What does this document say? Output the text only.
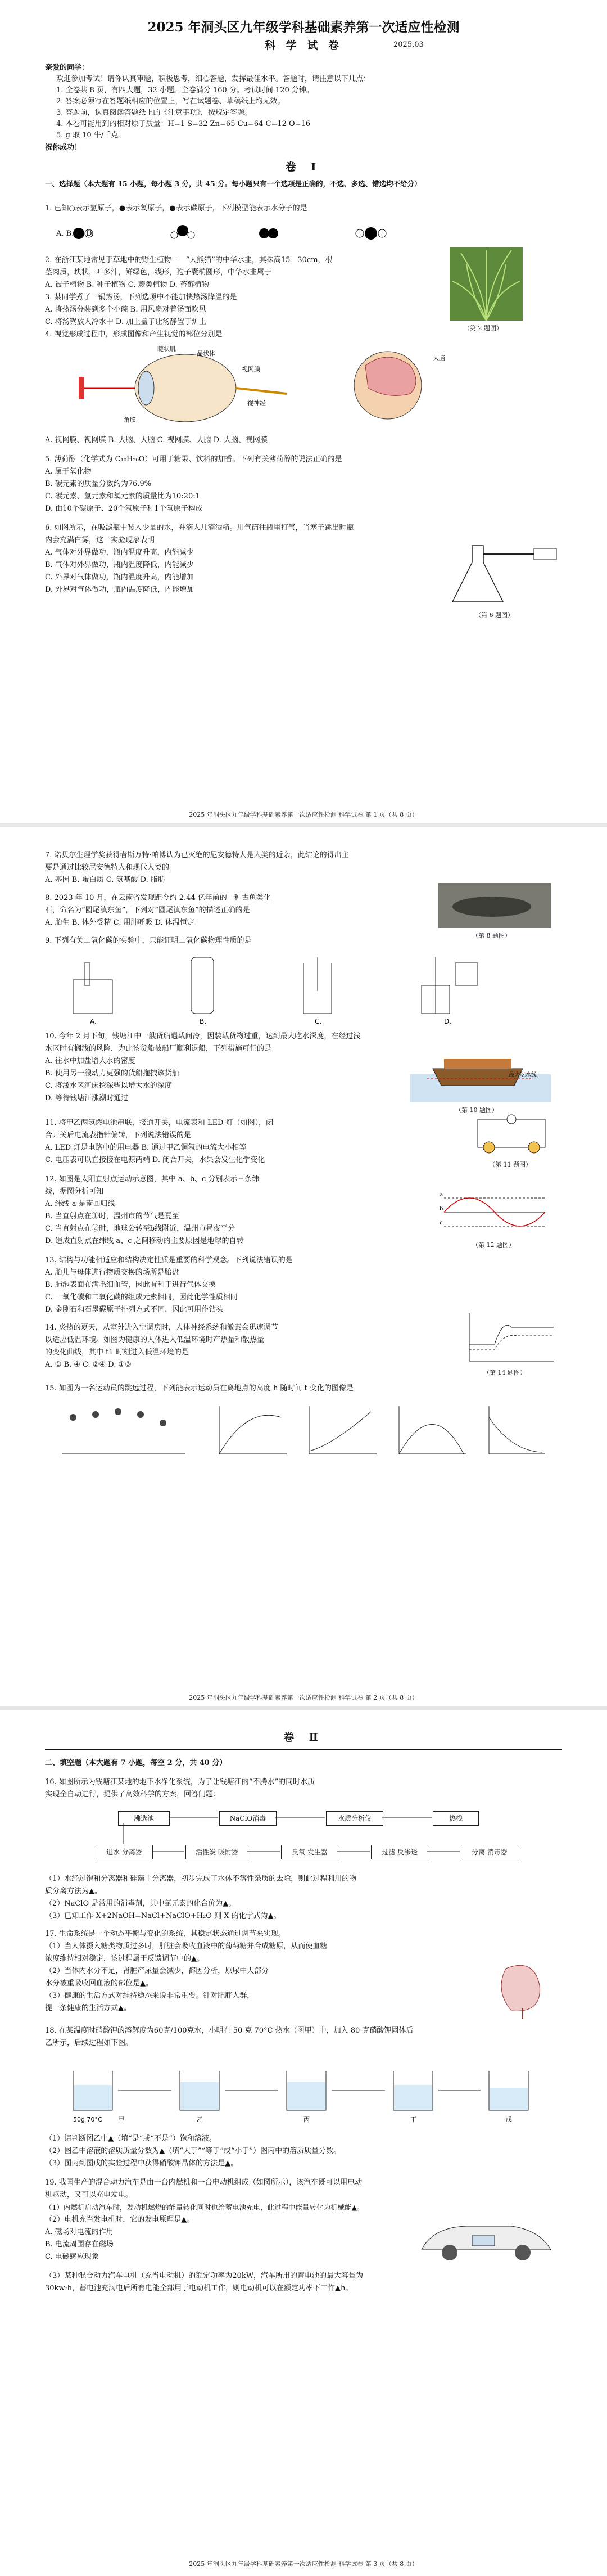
2025 年洞头区九年级学科基础素养第一次适应性检测
科 学 试 卷	2025.03
亲爱的同学：
欢迎参加考试！请你认真审题，积极思考，细心答题，发挥最佳水平。答题时，请注意以下几点：
1. 全卷共 8 页，有四大题，32 小题。全卷满分 160 分。考试时间 120 分钟。
2. 答案必须写在答题纸相应的位置上，写在试题卷、草稿纸上均无效。
3. 答题前，认真阅读答题纸上的《注意事项》，按规定答题。
4. 本卷可能用到的相对原子质量：H=1 S=32 Zn=65 Cu=64 C=12 O=16
5. g 取 10 牛/千克。
祝你成功！
卷 Ⅰ
一、选择题（本大题有 15 小题，每小题 3 分，共 45 分。每小题只有一个选项是正确的，不选、多选、错选均不给分）
1. 已知○表示氢原子，●表示氧原子，●表示碳原子，下列模型能表示水分子的是
A. B. C. D.
2. 在浙江某地常见于草地中的野生植物——“大熊猫”的中华水韭，其株高15—30cm，根
茎肉质，块状，叶多汁，鲜绿色，线形，孢子囊椭圆形，中华水韭属于
A. 被子植物 B. 种子植物 C. 蕨类植物 D. 苔藓植物
3. 某同学煮了一锅热汤，下列选项中不能加快热汤降温的是
A. 将热汤分装到多个小碗 B. 用风扇对着汤面吹风
C. 将汤锅放入冷水中 D. 加上盖子让汤静置于炉上
（第 2 题图）
4. 视觉形成过程中，形成图像和产生视觉的部位分别是
睫状肌
晶状体
视网膜
视神经
角膜
大脑
A. 视网膜、视网膜 B. 大脑、大脑 C. 视网膜、大脑 D. 大脑、视网膜
5. 薄荷醇（化学式为 C₁₀H₂₀O）可用于糖果、饮料的加香。下列有关薄荷醇的说法正确的是
A. 属于氧化物
B. 碳元素的质量分数约为76.9%
C. 碳元素、氢元素和氧元素的质量比为10:20:1
D. 由10个碳原子、20个氢原子和1个氧原子构成
6. 如图所示，在吸滤瓶中装入少量的水，并滴入几滴酒精。用气筒往瓶里打气，当塞子跳出时瓶
内会充满白雾，这一实验现象表明
A. 气体对外界做功，瓶内温度升高，内能减少
B. 气体对外界做功，瓶内温度降低，内能减少
C. 外界对气体做功，瓶内温度升高，内能增加
D. 外界对气体做功，瓶内温度降低，内能增加
（第 6 题图）
2025 年洞头区九年级学科基础素养第一次适应性检测 科学试卷 第 1 页（共 8 页）
7. 诺贝尔生理学奖获得者斯万特·帕博认为已灭绝的尼安德特人是人类的近亲，此结论的得出主
要是通过比较尼安德特人和现代人类的
A. 基因 B. 蛋白质 C. 氨基酸 D. 脂肪
8. 2023 年 10 月，在云南省发现距今约 2.44 亿年前的一种古鱼类化
石，命名为“圆尾滇东鱼”，下列对“圆尾滇东鱼”的描述正确的是
A. 胎生 B. 体外受精 C. 用肺呼吸 D. 体温恒定
（第 8 题图）
9. 下列有关二氧化碳的实验中，只能证明二氧化碳物理性质的是
A.	B.	C.	D.
10. 今年 2 月下旬，钱塘江中一艘货船遇载问冷，因装载货物过重，达到最大吃水深度，在经过浅
水区时有搁浅的风险，为此该货船被船厂顺利退船，下列措施可行的是
A. 往水中加盐增大水的密度
B. 使用另一艘动力更强的货船拖拽该货船
C. 将浅水区河床挖深些以增大水的深度
D. 等待钱塘江涨潮时通过
最大吃水线
（第 10 题图）
11. 将甲乙两氢燃电池串联，接通开关，电流表和 LED 灯（如图），闭
合开关后电流表指针偏转，下列说法错误的是
A. LED 灯是电路中的用电器 B. 通过甲乙铜氢的电流大小相等
C. 电压表可以直接接在电源两端 D. 闭合开关，水果会发生化学变化
（第 11 题图）
12. 如图是太阳直射点运动示意图，其中 a、b、c 分别表示三条纬
线，据图分析可知
A. 纬线 a 是南回归线
B. 当直射点在①时，温州市的节气是夏至
C. 当直射点在②时，地球公转至b线附近，温州市昼夜平分
D. 造成直射点在纬线 a、c 之间移动的主要原因是地球的自转
a
b
c
（第 12 题图）
13. 结构与功能相适应和结构决定性质是重要的科学观念。下列说法错误的是
A. 胎儿与母体进行物质交换的场所是胎盘
B. 肺泡表面布满毛细血管，因此有利于进行气体交换
C. 一氧化碳和二氧化碳的组成元素相同，因此化学性质相同
D. 金刚石和石墨碳原子排列方式不同，因此可用作钻头
14. 炎热的夏天，从室外进入空调房时，人体神经系统和激素会迅速调节
以适应低温环境。如图为健康的人体进入低温环境时产热量和散热量
的变化曲线，其中 t1 时刻进入低温环境的是
A. ① B. ④ C. ②④ D. ①③
（第 14 题图）
15. 如图为一名运动员的跳远过程，下列能表示运动员在离地点的高度 h 随时间 t 变化的图像是
2025 年洞头区九年级学科基础素养第一次适应性检测 科学试卷 第 2 页（共 8 页）
卷 Ⅱ
二、填空题（本大题有 7 小题，每空 2 分，共 40 分）
16. 如图所示为钱塘江某地的地下水净化系统，为了让钱塘江的“不腾水”的同时水质
实现全自动进行，提供了高效科学的方案，回答问题：
沸选池	NaClO消毒	水质分析仪	热栈
进水 分离器	活性炭 吸附器	臭氧 发生器	过滤 反渗透	分离 消毒器
（1）水经过饱和分离器和硅藻土分离器，初步完成了水体不溶性杂质的去除，则此过程利用的物
质分离方法为▲。
（2）NaClO 是常用的消毒剂，其中氯元素的化合价为▲。
（3）已知工作 X+2NaOH=NaCl+NaClO+H₂O 则 X 的化学式为▲。
17. 生命系统是一个动态平衡与变化的系统，其稳定状态通过调节来实现。
（1）当人体摄入糖类物质过多时，肝脏会吸收血液中的葡萄糖并合成糖原，从而使血糖
浓度维持相对稳定，该过程属于反馈调节中的▲。
（2）当体内水分不足，肾脏产尿量会减少，都因分析，原尿中大部分
水分被重吸收回血液的部位是▲。
（3）健康的生活方式对维持稳态来说非常重要。针对肥胖人群，
提一条健康的生活方式▲。
18. 在某温度时硝酸钾的溶解度为60克/100克水，小明在 50 克 70°C 热水（图甲）中，加入 80 克硝酸钾固体后
乙所示，后续过程如下图。
50g 70°C	甲	乙	丙	丁	戊
（1）请判断图乙中▲（填“是”或“不是”）饱和溶液。
（2）图乙中溶液的溶质质量分数为▲（填“大于”“等于”或“小于”）图丙中的溶质质量分数。
（3）图丙到图戊的实验过程中获得硝酸钾晶体的方法是▲。
19. 我国生产的混合动力汽车是由一台内燃机和一台电动机组成（如图所示），该汽车既可以用电动
机驱动，又可以充电发电。
（1）内燃机启动汽车时，发动机燃烧的能量转化同时也给蓄电池充电，此过程中能量转化为机械能▲。
（2）电机充当发电机时，它的发电原理是▲。
A. 磁场对电流的作用
B. 电流周围存在磁场
C. 电磁感应现象
（3）某种混合动力汽车电机（充当电动机）的额定功率为20kW，汽车所用的蓄电池的最大容量为
30kw·h，蓄电池充满电后所有电能全部用于电动机工作，则电动机可以在额定功率下工作▲h。
2025 年洞头区九年级学科基础素养第一次适应性检测 科学试卷 第 3 页（共 8 页）
